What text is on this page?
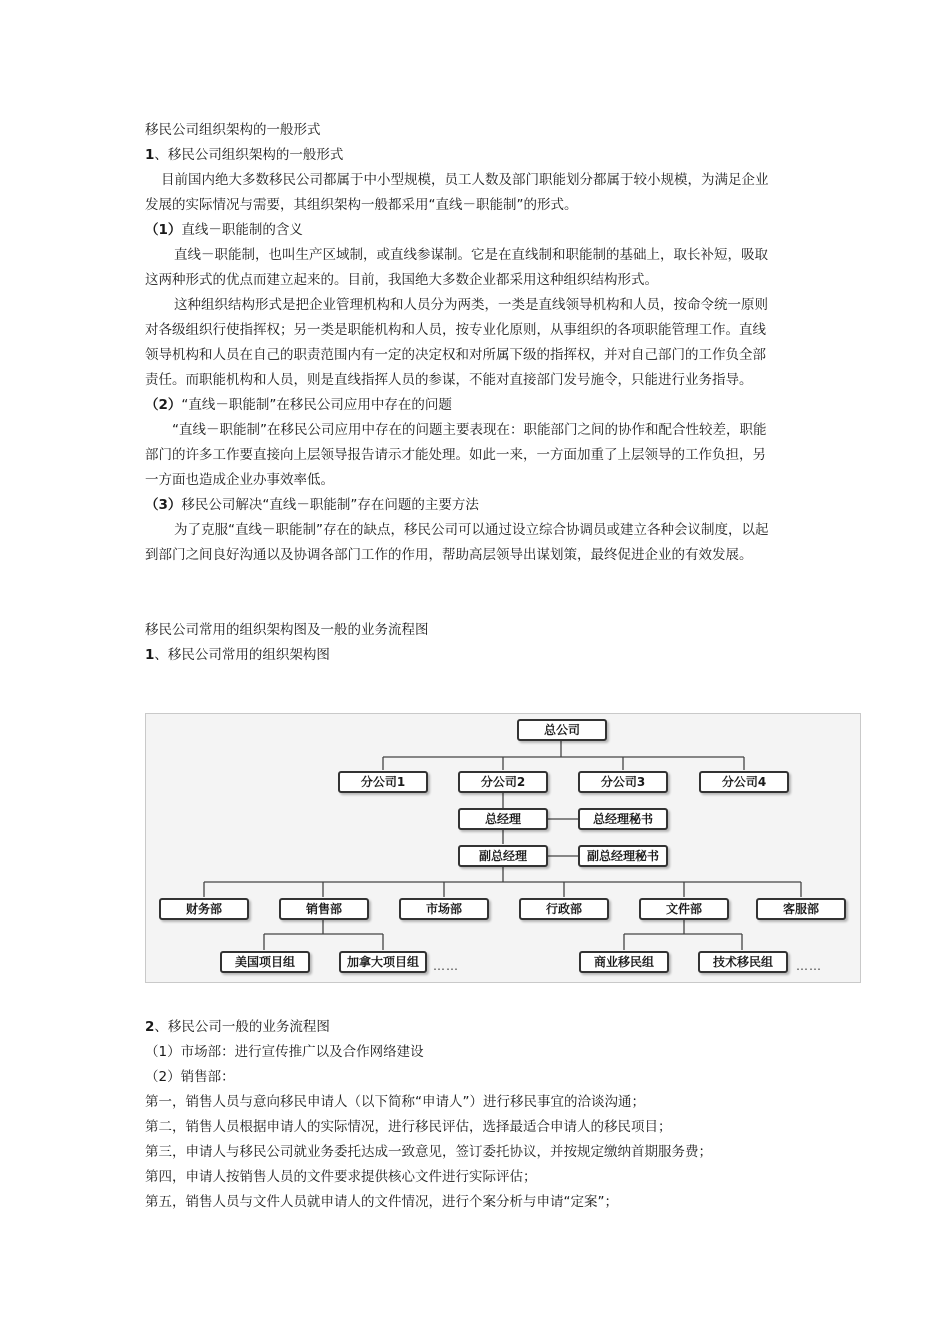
移民公司组织架构的一般形式
1、移民公司组织架构的一般形式
目前国内绝大多数移民公司都属于中小型规模，员工人数及部门职能划分都属于较小规模，为满足企业
发展的实际情况与需要，其组织架构一般都采用“直线－职能制”的形式。
（1）直线－职能制的含义
直线－职能制，也叫生产区域制，或直线参谋制。它是在直线制和职能制的基础上，取长补短，吸取
这两种形式的优点而建立起来的。目前，我国绝大多数企业都采用这种组织结构形式。
这种组织结构形式是把企业管理机构和人员分为两类，一类是直线领导机构和人员，按命令统一原则
对各级组织行使指挥权；另一类是职能机构和人员，按专业化原则，从事组织的各项职能管理工作。直线
领导机构和人员在自己的职责范围内有一定的决定权和对所属下级的指挥权，并对自己部门的工作负全部
责任。而职能机构和人员，则是直线指挥人员的参谋，不能对直接部门发号施令，只能进行业务指导。
（2）“直线－职能制”在移民公司应用中存在的问题
“直线－职能制”在移民公司应用中存在的问题主要表现在：职能部门之间的协作和配合性较差，职能
部门的许多工作要直接向上层领导报告请示才能处理。如此一来，一方面加重了上层领导的工作负担，另
一方面也造成企业办事效率低。
（3）移民公司解决“直线－职能制”存在问题的主要方法
为了克服“直线－职能制”存在的缺点，移民公司可以通过设立综合协调员或建立各种会议制度，以起
到部门之间良好沟通以及协调各部门工作的作用，帮助高层领导出谋划策，最终促进企业的有效发展。
移民公司常用的组织架构图及一般的业务流程图
1、移民公司常用的组织架构图
总公司
分公司1	分公司2	分公司3	分公司4
总经理	总经理秘书
副总经理	副总经理秘书
财务部	销售部	市场部	行政部	文件部	客服部
美国项目组	加拿大项目组	……	商业移民组	技术移民组	……
2、移民公司一般的业务流程图
（1）市场部：进行宣传推广以及合作网络建设
（2）销售部：
第一，销售人员与意向移民申请人（以下简称“申请人”）进行移民事宜的洽谈沟通；
第二，销售人员根据申请人的实际情况，进行移民评估，选择最适合申请人的移民项目；
第三，申请人与移民公司就业务委托达成一致意见，签订委托协议，并按规定缴纳首期服务费；
第四，申请人按销售人员的文件要求提供核心文件进行实际评估；
第五，销售人员与文件人员就申请人的文件情况，进行个案分析与申请“定案”；
